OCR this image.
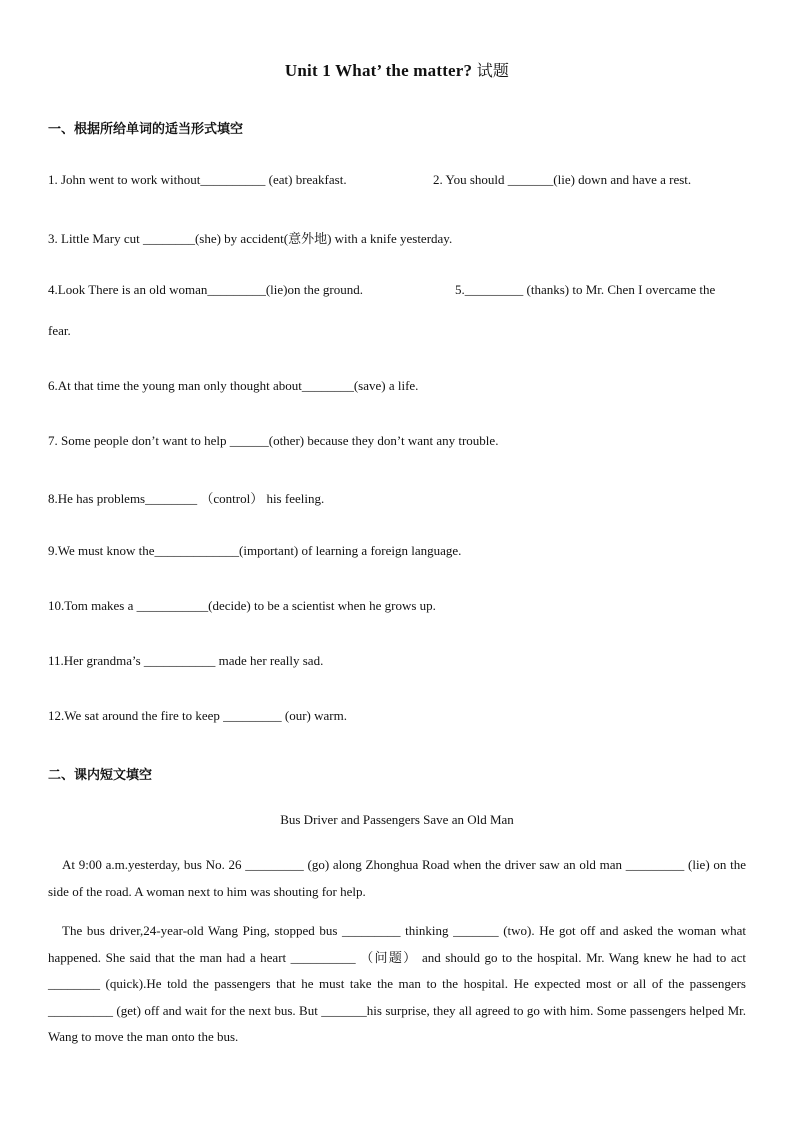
Unit 1 What’ the matter? 试题
一、根据所给单词的适当形式填空
1. John went to work without__________ (eat) breakfast.	2. You should _______(lie) down and have a rest.
3. Little Mary cut ________(she) by accident(意外地) with a knife yesterday.
4.Look There is an old woman_________(lie)on the ground.	5._________ (thanks) to Mr. Chen I overcame the
fear.
6.At that time the young man only thought about________(save) a life.
7. Some people don’t want to help ______(other) because they don’t want any trouble.
8.He has problems________ （control） his feeling.
9.We must know the_____________(important) of learning a foreign language.
10.Tom makes a ___________(decide) to be a scientist when he grows up.
11.Her grandma’s ___________ made her really sad.
12.We sat around the fire to keep _________ (our) warm.
二、课内短文填空
Bus Driver and Passengers Save an Old Man
At 9:00 a.m.yesterday, bus No. 26 _________ (go) along Zhonghua Road when the driver saw an old man _________ (lie) on the side of the road. A woman next to him was shouting for help.
The bus driver,24-year-old Wang Ping, stopped bus _________ thinking _______ (two). He got off and asked the woman what happened. She said that the man had a heart __________ （问题） and should go to the hospital. Mr. Wang knew he had to act ________ (quick).He told the passengers that he must take the man to the hospital. He expected most or all of the passengers __________ (get) off and wait for the next bus. But _______his surprise, they all agreed to go with him. Some passengers helped Mr. Wang to move the man onto the bus.
